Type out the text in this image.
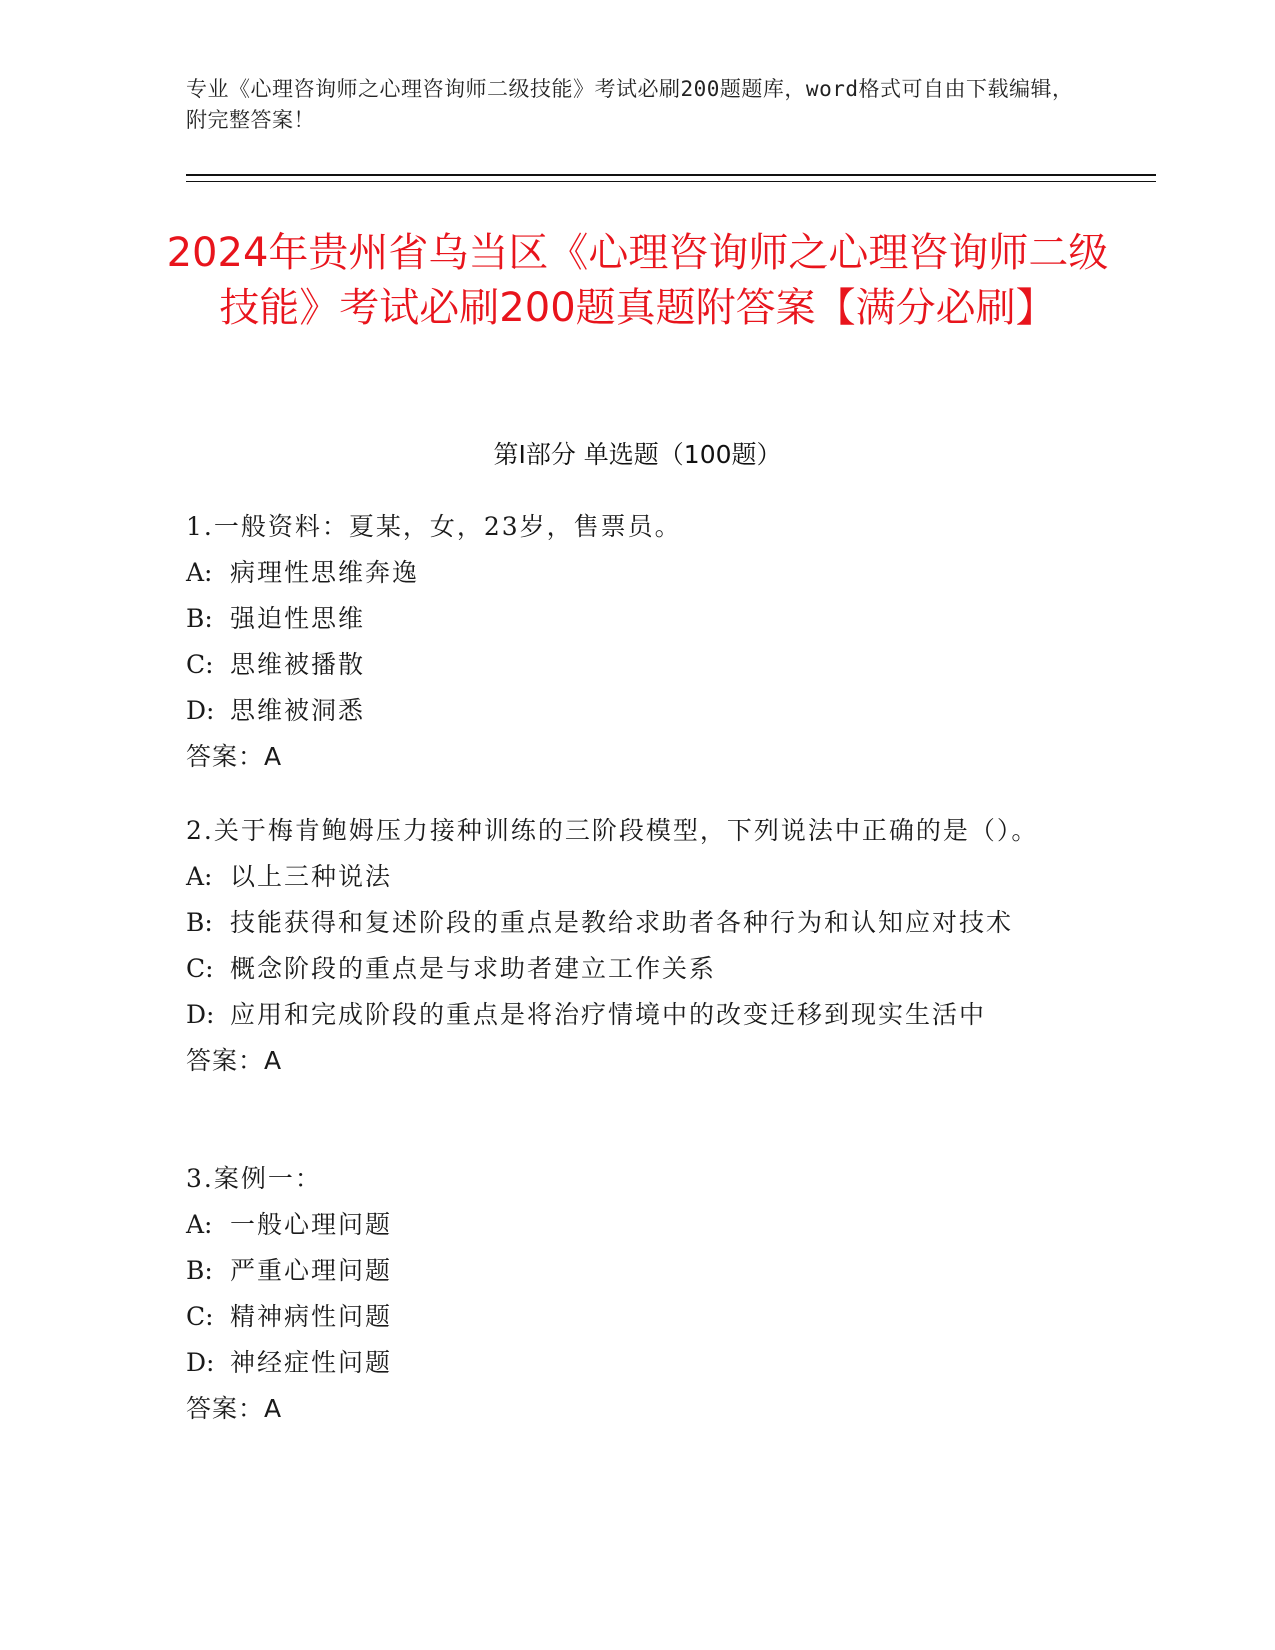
专业《心理咨询师之心理咨询师二级技能》考试必刷200题题库，word格式可自由下载编辑，附完整答案！
2024年贵州省乌当区《心理咨询师之心理咨询师二级技能》考试必刷200题真题附答案【满分必刷】
第I部分 单选题（100题）
1.一般资料：夏某，女，23岁，售票员。
A: 病理性思维奔逸
B: 强迫性思维
C: 思维被播散
D: 思维被洞悉
答案：A
2.关于梅肯鲍姆压力接种训练的三阶段模型，下列说法中正确的是（）。
A: 以上三种说法
B: 技能获得和复述阶段的重点是教给求助者各种行为和认知应对技术
C: 概念阶段的重点是与求助者建立工作关系
D: 应用和完成阶段的重点是将治疗情境中的改变迁移到现实生活中
答案：A
3.案例一：
A: 一般心理问题
B: 严重心理问题
C: 精神病性问题
D: 神经症性问题
答案：A
